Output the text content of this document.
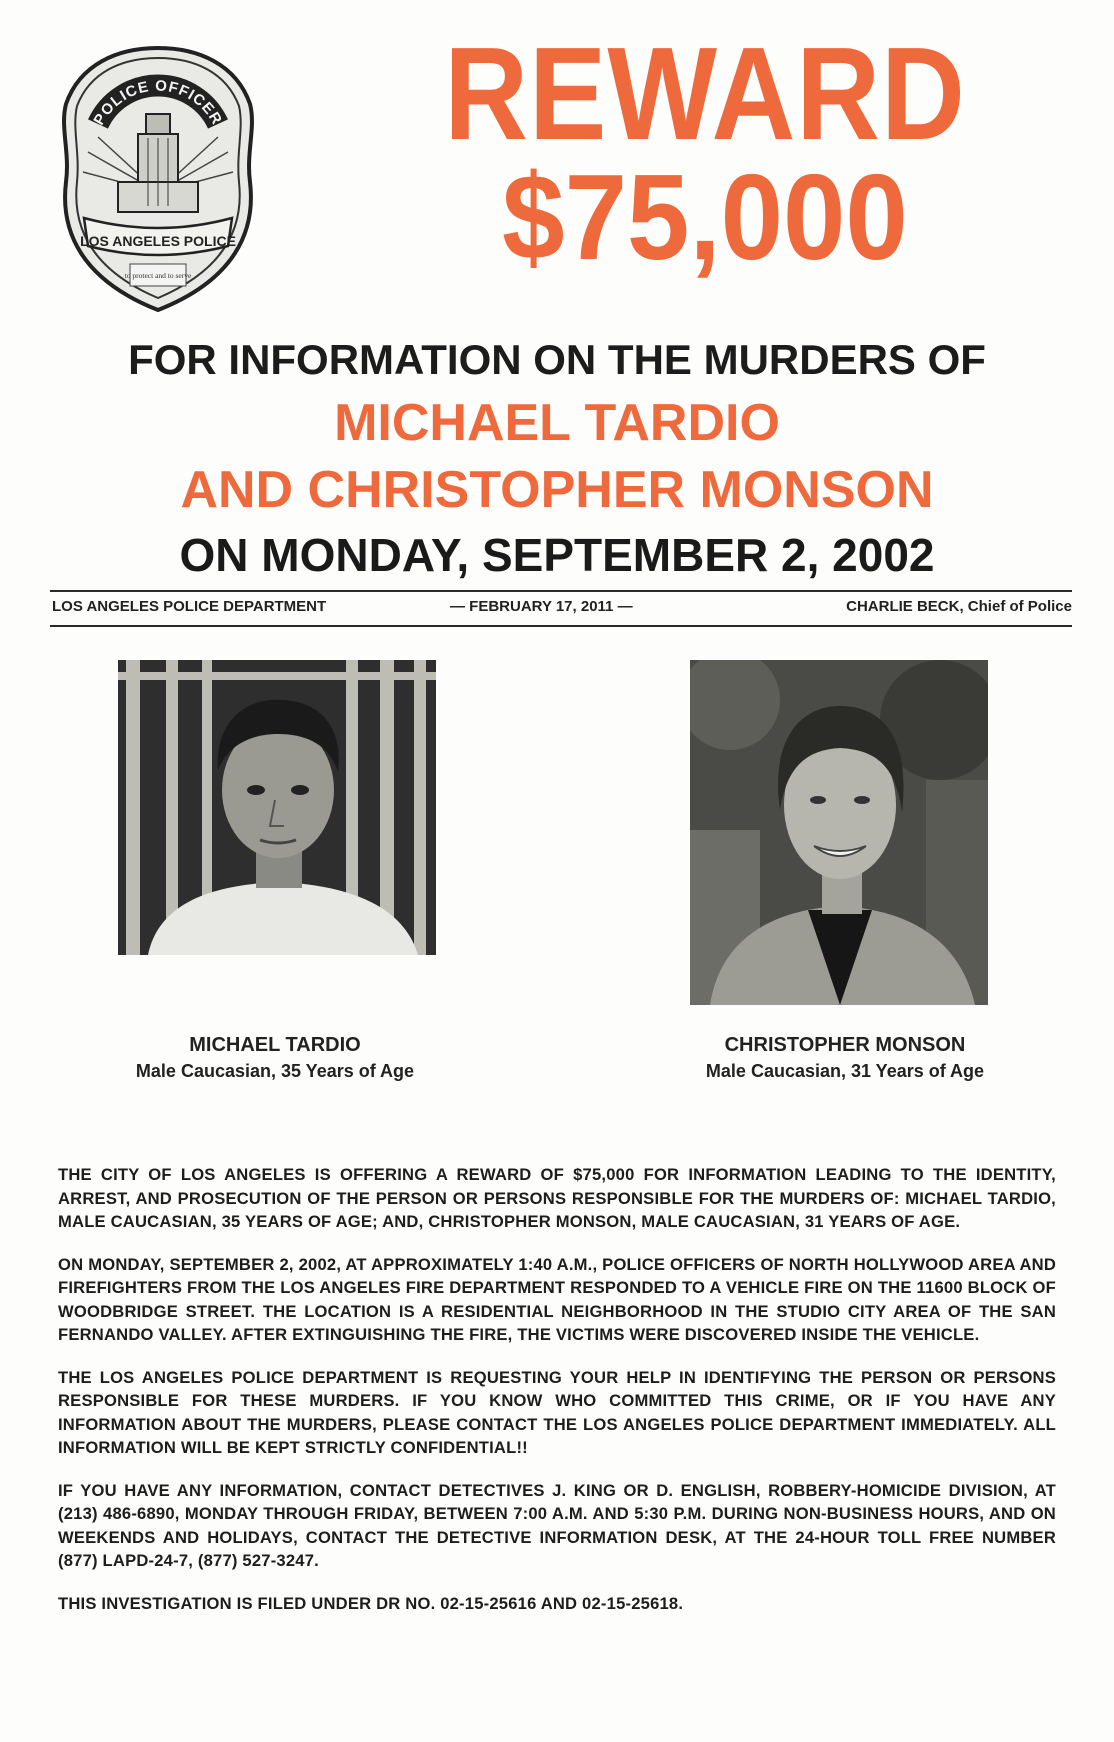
POLICE OFFICER
LOS ANGELES POLICE
to protect and to serve
REWARD
$75,000
FOR INFORMATION ON THE MURDERS OF
MICHAEL TARDIO
AND CHRISTOPHER MONSON
ON MONDAY, SEPTEMBER 2, 2002
LOS ANGELES POLICE DEPARTMENT	— FEBRUARY 17, 2011 —	CHARLIE BECK, Chief of Police
MICHAEL TARDIO
Male Caucasian, 35 Years of Age
CHRISTOPHER MONSON
Male Caucasian, 31 Years of Age

THE CITY OF LOS ANGELES IS OFFERING A REWARD OF $75,000 FOR INFORMATION LEADING TO THE IDENTITY, ARREST, AND PROSECUTION OF THE PERSON OR PERSONS RESPONSIBLE FOR THE MURDERS OF: MICHAEL TARDIO, MALE CAUCASIAN, 35 YEARS OF AGE; AND, CHRISTOPHER MONSON, MALE CAUCASIAN, 31 YEARS OF AGE.

ON MONDAY, SEPTEMBER 2, 2002, AT APPROXIMATELY 1:40 A.M., POLICE OFFICERS OF NORTH HOLLYWOOD AREA AND FIREFIGHTERS FROM THE LOS ANGELES FIRE DEPARTMENT RESPONDED TO A VEHICLE FIRE ON THE 11600 BLOCK OF WOODBRIDGE STREET. THE LOCATION IS A RESIDENTIAL NEIGHBORHOOD IN THE STUDIO CITY AREA OF THE SAN FERNANDO VALLEY. AFTER EXTINGUISHING THE FIRE, THE VICTIMS WERE DISCOVERED INSIDE THE VEHICLE.

THE LOS ANGELES POLICE DEPARTMENT IS REQUESTING YOUR HELP IN IDENTIFYING THE PERSON OR PERSONS RESPONSIBLE FOR THESE MURDERS. IF YOU KNOW WHO COMMITTED THIS CRIME, OR IF YOU HAVE ANY INFORMATION ABOUT THE MURDERS, PLEASE CONTACT THE LOS ANGELES POLICE DEPARTMENT IMMEDIATELY. ALL INFORMATION WILL BE KEPT STRICTLY CONFIDENTIAL!!

IF YOU HAVE ANY INFORMATION, CONTACT DETECTIVES J. KING OR D. ENGLISH, ROBBERY-HOMICIDE DIVISION, AT (213) 486-6890, MONDAY THROUGH FRIDAY, BETWEEN 7:00 A.M. AND 5:30 P.M. DURING NON-BUSINESS HOURS, AND ON WEEKENDS AND HOLIDAYS, CONTACT THE DETECTIVE INFORMATION DESK, AT THE 24-HOUR TOLL FREE NUMBER (877) LAPD-24-7, (877) 527-3247.

THIS INVESTIGATION IS FILED UNDER DR NO. 02-15-25616 AND 02-15-25618.
